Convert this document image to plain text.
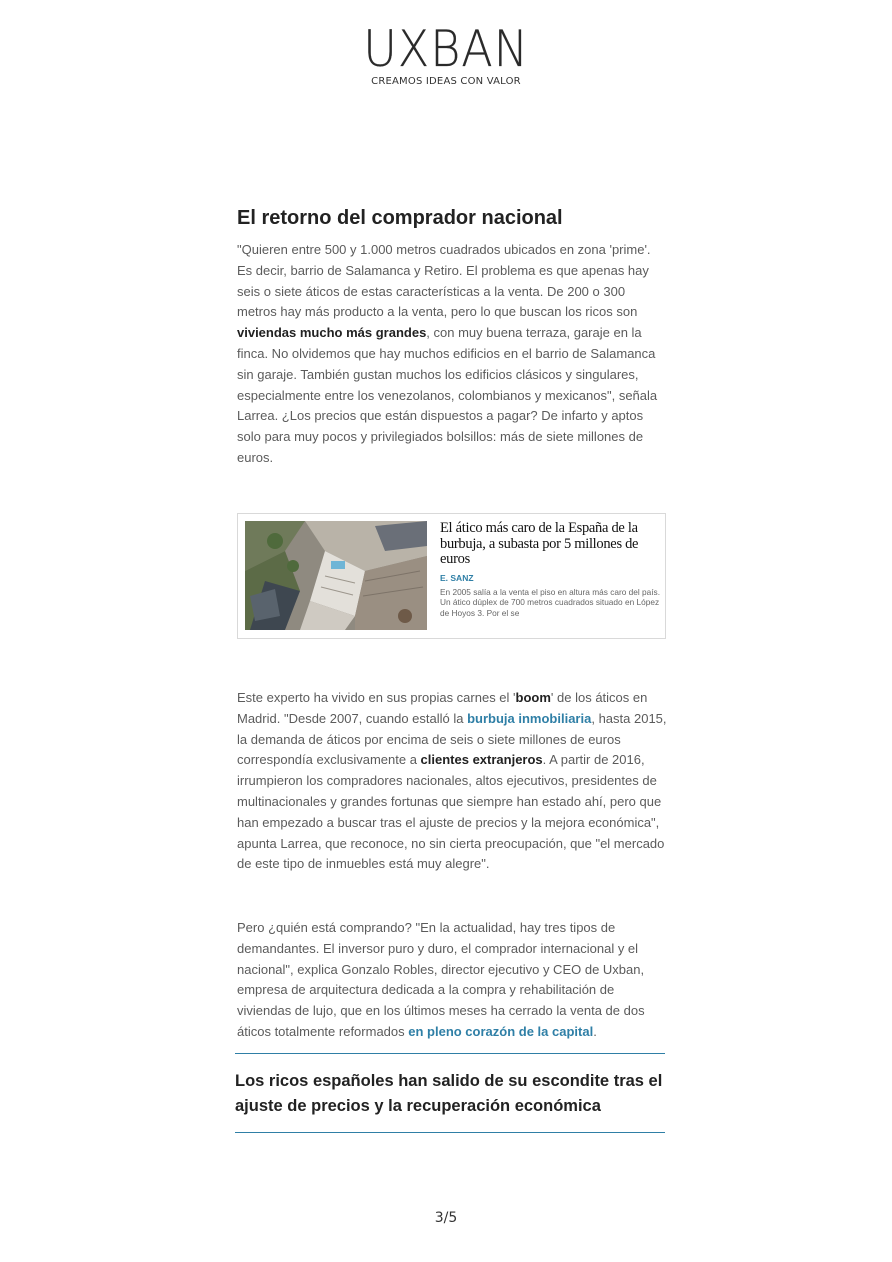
UXBAN
CREAMOS IDEAS CON VALOR
El retorno del comprador nacional

"Quieren entre 500 y 1.000 metros cuadrados ubicados en zona 'prime'. Es decir, barrio de Salamanca y Retiro. El problema es que apenas hay seis o siete áticos de estas características a la venta. De 200 o 300 metros hay más producto a la venta, pero lo que buscan los ricos son viviendas mucho más grandes, con muy buena terraza, garaje en la finca. No olvidemos que hay muchos edificios en el barrio de Salamanca sin garaje. También gustan muchos los edificios clásicos y singulares, especialmente entre los venezolanos, colombianos y mexicanos", señala Larrea. ¿Los precios que están dispuestos a pagar? De infarto y aptos solo para muy pocos y privilegiados bolsillos: más de siete millones de euros.

El ático más caro de la España de la burbuja, a subasta por 5 millones de euros
E. SANZ
En 2005 salía a la venta el piso en altura más caro del país. Un ático dúplex de 700 metros cuadrados situado en López de Hoyos 3. Por el se

Este experto ha vivido en sus propias carnes el 'boom' de los áticos en Madrid. "Desde 2007, cuando estalló la burbuja inmobiliaria, hasta 2015, la demanda de áticos por encima de seis o siete millones de euros correspondía exclusivamente a clientes extranjeros. A partir de 2016, irrumpieron los compradores nacionales, altos ejecutivos, presidentes de multinacionales y grandes fortunas que siempre han estado ahí, pero que han empezado a buscar tras el ajuste de precios y la mejora económica", apunta Larrea, que reconoce, no sin cierta preocupación, que "el mercado de este tipo de inmuebles está muy alegre".

Pero ¿quién está comprando? "En la actualidad, hay tres tipos de demandantes. El inversor puro y duro, el comprador internacional y el nacional", explica Gonzalo Robles, director ejecutivo y CEO de Uxban, empresa de arquitectura dedicada a la compra y rehabilitación de viviendas de lujo, que en los últimos meses ha cerrado la venta de dos áticos totalmente reformados en pleno corazón de la capital.

Los ricos españoles han salido de su escondite tras el ajuste de precios y la recuperación económica

3/5
